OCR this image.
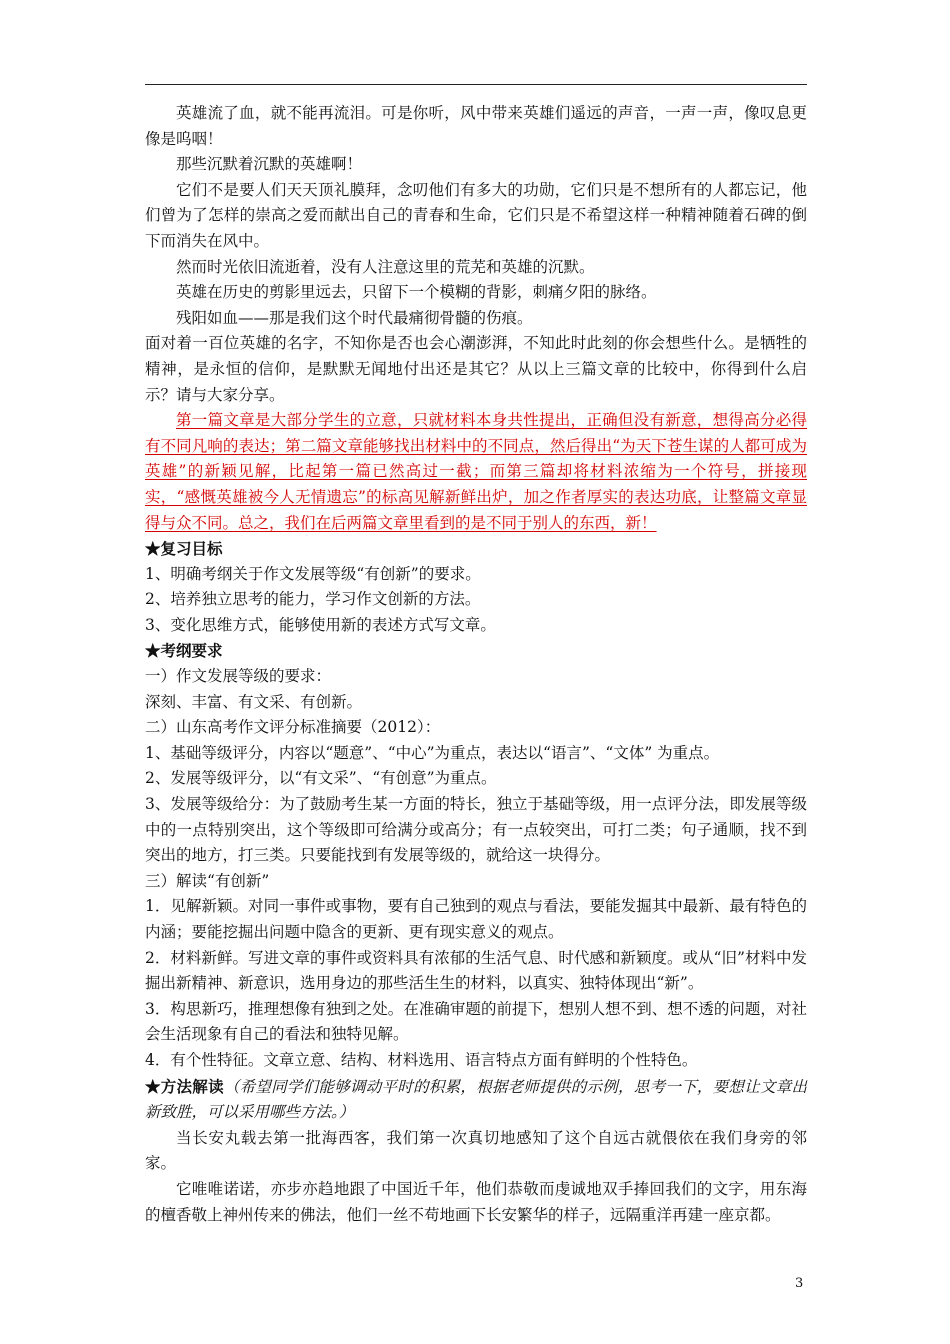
英雄流了血，就不能再流泪。可是你听，风中带来英雄们遥远的声音，一声一声，像叹息更像是呜咽！

那些沉默着沉默的英雄啊！

它们不是要人们天天顶礼膜拜，念叨他们有多大的功勋，它们只是不想所有的人都忘记，他们曾为了怎样的崇高之爱而献出自己的青春和生命，它们只是不希望这样一种精神随着石碑的倒下而消失在风中。

然而时光依旧流逝着，没有人注意这里的荒芜和英雄的沉默。

英雄在历史的剪影里远去，只留下一个模糊的背影，刺痛夕阳的脉络。

残阳如血——那是我们这个时代最痛彻骨髓的伤痕。

面对着一百位英雄的名字，不知你是否也会心潮澎湃，不知此时此刻的你会想些什么。是牺牲的精神，是永恒的信仰，是默默无闻地付出还是其它？从以上三篇文章的比较中，你得到什么启示？请与大家分享。

第一篇文章是大部分学生的立意，只就材料本身共性提出，正确但没有新意，想得高分必得有不同凡响的表达；第二篇文章能够找出材料中的不同点，然后得出“为天下苍生谋的人都可成为英雄”的新颖见解，比起第一篇已然高过一截；而第三篇却将材料浓缩为一个符号，拼接现实，“感慨英雄被今人无情遗忘”的标高见解新鲜出炉，加之作者厚实的表达功底，让整篇文章显得与众不同。总之，我们在后两篇文章里看到的是不同于别人的东西，新！

★复习目标

1、明确考纲关于作文发展等级“有创新”的要求。

2、培养独立思考的能力，学习作文创新的方法。

3、变化思维方式，能够使用新的表述方式写文章。

★考纲要求

一）作文发展等级的要求：

深刻、丰富、有文采、有创新。

二）山东高考作文评分标准摘要（2012）：

1、基础等级评分，内容以“题意”、“中心”为重点，表达以“语言”、“文体” 为重点。

2、发展等级评分，以“有文采”、“有创意”为重点。

3、发展等级给分：为了鼓励考生某一方面的特长，独立于基础等级，用一点评分法，即发展等级中的一点特别突出，这个等级即可给满分或高分；有一点较突出，可打二类；句子通顺，找不到突出的地方，打三类。只要能找到有发展等级的，就给这一块得分。

三）解读“有创新”

1．见解新颖。对同一事件或事物，要有自己独到的观点与看法，要能发掘其中最新、最有特色的内涵；要能挖掘出问题中隐含的更新、更有现实意义的观点。

2．材料新鲜。写进文章的事件或资料具有浓郁的生活气息、时代感和新颖度。或从“旧”材料中发掘出新精神、新意识，选用身边的那些活生生的材料，以真实、独特体现出“新”。

3．构思新巧，推理想像有独到之处。在准确审题的前提下，想别人想不到、想不透的问题，对社会生活现象有自己的看法和独特见解。

4．有个性特征。文章立意、结构、材料选用、语言特点方面有鲜明的个性特色。

★方法解读（希望同学们能够调动平时的积累，根据老师提供的示例，思考一下，要想让文章出新致胜，可以采用哪些方法。）

当长安丸载去第一批海西客，我们第一次真切地感知了这个自远古就偎依在我们身旁的邻家。

它唯唯诺诺，亦步亦趋地跟了中国近千年，他们恭敬而虔诚地双手捧回我们的文字，用东海的檀香敬上神州传来的佛法，他们一丝不苟地画下长安繁华的样子，远隔重洋再建一座京都。

3
